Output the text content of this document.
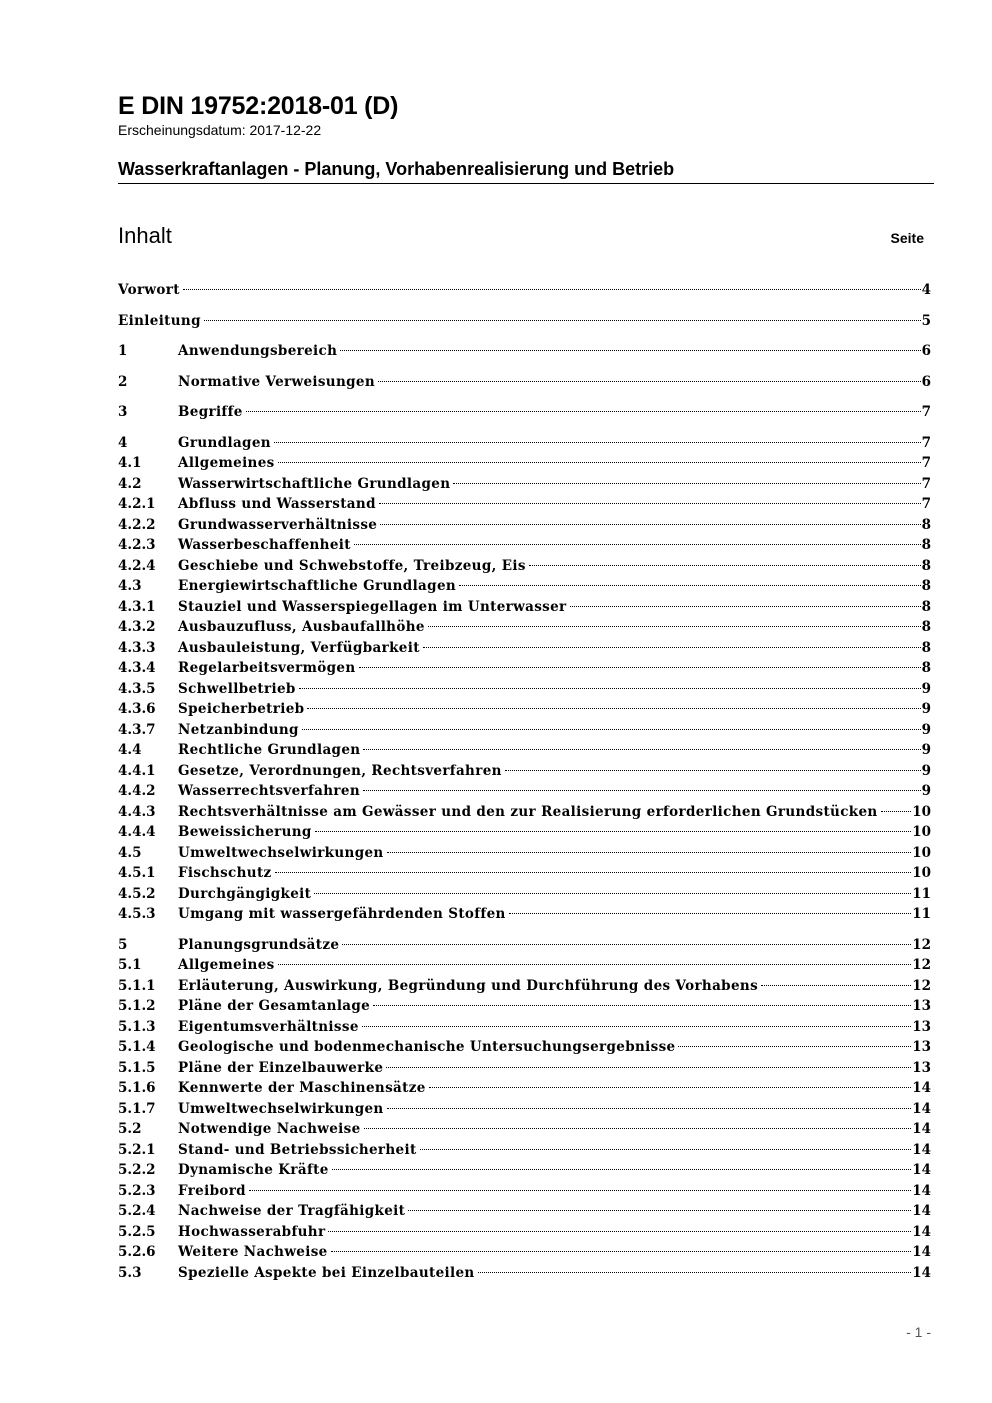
E DIN 19752:2018-01 (D)
Erscheinungsdatum: 2017-12-22
Wasserkraftanlagen - Planung, Vorhabenrealisierung und Betrieb
Inhalt	Seite
Vorwort	4
Einleitung	5
1	Anwendungsbereich	6
2	Normative Verweisungen	6
3	Begriffe	7
4	Grundlagen	7
4.1	Allgemeines	7
4.2	Wasserwirtschaftliche Grundlagen	7
4.2.1	Abfluss und Wasserstand	7
4.2.2	Grundwasserverhältnisse	8
4.2.3	Wasserbeschaffenheit	8
4.2.4	Geschiebe und Schwebstoffe, Treibzeug, Eis	8
4.3	Energiewirtschaftliche Grundlagen	8
4.3.1	Stauziel und Wasserspiegellagen im Unterwasser	8
4.3.2	Ausbauzufluss, Ausbaufallhöhe	8
4.3.3	Ausbauleistung, Verfügbarkeit	8
4.3.4	Regelarbeitsvermögen	8
4.3.5	Schwellbetrieb	9
4.3.6	Speicherbetrieb	9
4.3.7	Netzanbindung	9
4.4	Rechtliche Grundlagen	9
4.4.1	Gesetze, Verordnungen, Rechtsverfahren	9
4.4.2	Wasserrechtsverfahren	9
4.4.3	Rechtsverhältnisse am Gewässer und den zur Realisierung erforderlichen Grundstücken	10
4.4.4	Beweissicherung	10
4.5	Umweltwechselwirkungen	10
4.5.1	Fischschutz	10
4.5.2	Durchgängigkeit	11
4.5.3	Umgang mit wassergefährdenden Stoffen	11
5	Planungsgrundsätze	12
5.1	Allgemeines	12
5.1.1	Erläuterung, Auswirkung, Begründung und Durchführung des Vorhabens	12
5.1.2	Pläne der Gesamtanlage	13
5.1.3	Eigentumsverhältnisse	13
5.1.4	Geologische und bodenmechanische Untersuchungsergebnisse	13
5.1.5	Pläne der Einzelbauwerke	13
5.1.6	Kennwerte der Maschinensätze	14
5.1.7	Umweltwechselwirkungen	14
5.2	Notwendige Nachweise	14
5.2.1	Stand- und Betriebssicherheit	14
5.2.2	Dynamische Kräfte	14
5.2.3	Freibord	14
5.2.4	Nachweise der Tragfähigkeit	14
5.2.5	Hochwasserabfuhr	14
5.2.6	Weitere Nachweise	14
5.3	Spezielle Aspekte bei Einzelbauteilen	14
- 1 -
